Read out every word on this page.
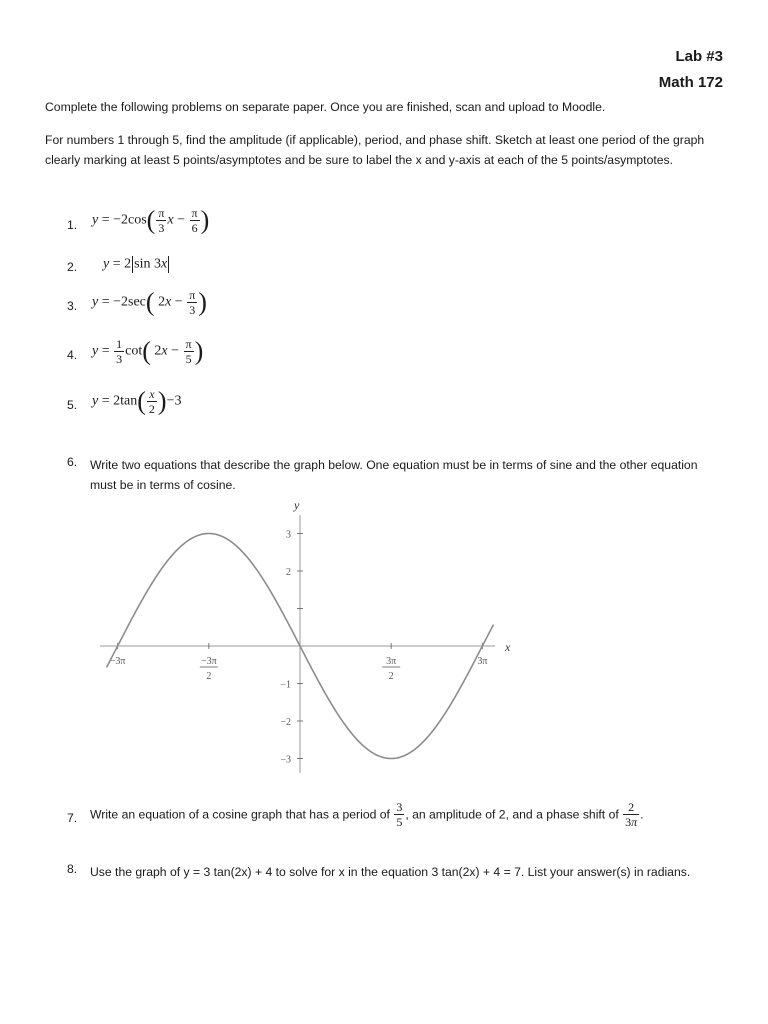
Lab #3
Math 172
Complete the following problems on separate paper. Once you are finished, scan and upload to Moodle.
For numbers 1 through 5, find the amplitude (if applicable), period, and phase shift. Sketch at least one period of the graph clearly marking at least 5 points/asymptotes and be sure to label the x and y-axis at each of the 5 points/asymptotes.
1. $y = -2\cos( \frac{\pi}{3}$ $x - \frac{\pi}{6}$ )
2. y = 2 sin 3x
3. y = −2sec( $2x - \frac{\pi}{3}$ )
4. $y = \frac{1}{3} \cot$( $2x - \frac{\pi}{5}$ )
5. $y = 2\tan( \frac{x}{2} )-3$
6. Write two equations that describe the graph below. One equation must be in terms of sine and the other equation must be in terms of cosine.
x
y
3
2
−1
−2
−3
−3π	−3π
2
3π
2
3π
7. Write an equation of a cosine graph that has a period of $\frac{3}{5}$ , an amplitude of 2, and a phase shift of $\frac{2}{3\pi}$ .
8. Use the graph of y = 3 tan(2x) + 4 to solve for x in the equation 3 tan(2x) + 4 = 7. List your answer(s) in radians.
